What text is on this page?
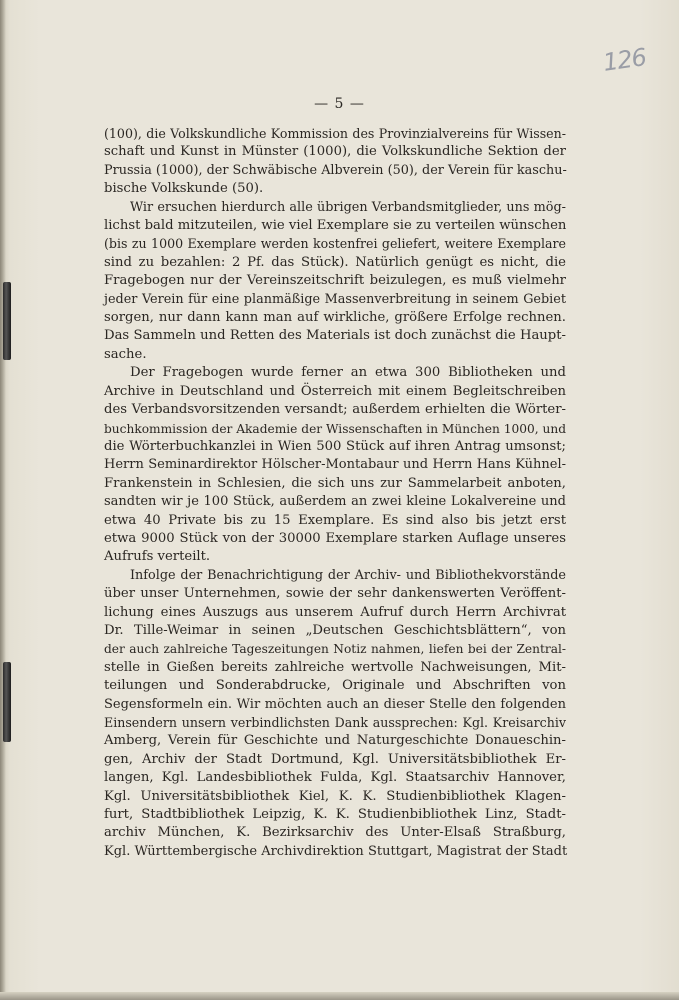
126
— 5 —
(100), die Volkskundliche Kommission des Provinzialvereins für Wissen-
schaft und Kunst in Münster (1000), die Volkskundliche Sektion der
Prussia (1000), der Schwäbische Albverein (50), der Verein für kaschu-
bische Volkskunde (50).
Wir ersuchen hierdurch alle übrigen Verbandsmitglieder, uns mög-
lichst bald mitzuteilen, wie viel Exemplare sie zu verteilen wünschen
(bis zu 1000 Exemplare werden kostenfrei geliefert, weitere Exemplare
sind zu bezahlen: 2 Pf. das Stück). Natürlich genügt es nicht, die
Fragebogen nur der Vereinszeitschrift beizulegen, es muß vielmehr
jeder Verein für eine planmäßige Massenverbreitung in seinem Gebiet
sorgen, nur dann kann man auf wirkliche, größere Erfolge rechnen.
Das Sammeln und Retten des Materials ist doch zunächst die Haupt-
sache.
Der Fragebogen wurde ferner an etwa 300 Bibliotheken und
Archive in Deutschland und Österreich mit einem Begleitschreiben
des Verbandsvorsitzenden versandt; außerdem erhielten die Wörter-
buchkommission der Akademie der Wissenschaften in München 1000, und
die Wörterbuchkanzlei in Wien 500 Stück auf ihren Antrag umsonst;
Herrn Seminardirektor Hölscher-Montabaur und Herrn Hans Kühnel-
Frankenstein in Schlesien, die sich uns zur Sammelarbeit anboten,
sandten wir je 100 Stück, außerdem an zwei kleine Lokalvereine und
etwa 40 Private bis zu 15 Exemplare. Es sind also bis jetzt erst
etwa 9000 Stück von der 30000 Exemplare starken Auflage unseres
Aufrufs verteilt.
Infolge der Benachrichtigung der Archiv- und Bibliothekvorstände
über unser Unternehmen, sowie der sehr dankenswerten Veröffent-
lichung eines Auszugs aus unserem Aufruf durch Herrn Archivrat
Dr. Tille-Weimar in seinen „Deutschen Geschichtsblättern“, von
der auch zahlreiche Tageszeitungen Notiz nahmen, liefen bei der Zentral-
stelle in Gießen bereits zahlreiche wertvolle Nachweisungen, Mit-
teilungen und Sonderabdrucke, Originale und Abschriften von
Segensformeln ein. Wir möchten auch an dieser Stelle den folgenden
Einsendern unsern verbindlichsten Dank aussprechen: Kgl. Kreisarchiv
Amberg, Verein für Geschichte und Naturgeschichte Donaueschin-
gen, Archiv der Stadt Dortmund, Kgl. Universitätsbibliothek Er-
langen, Kgl. Landesbibliothek Fulda, Kgl. Staatsarchiv Hannover,
Kgl. Universitätsbibliothek Kiel, K. K. Studienbibliothek Klagen-
furt, Stadtbibliothek Leipzig, K. K. Studienbibliothek Linz, Stadt-
archiv München, K. Bezirksarchiv des Unter-Elsaß Straßburg,
Kgl. Württembergische Archivdirektion Stuttgart, Magistrat der Stadt
